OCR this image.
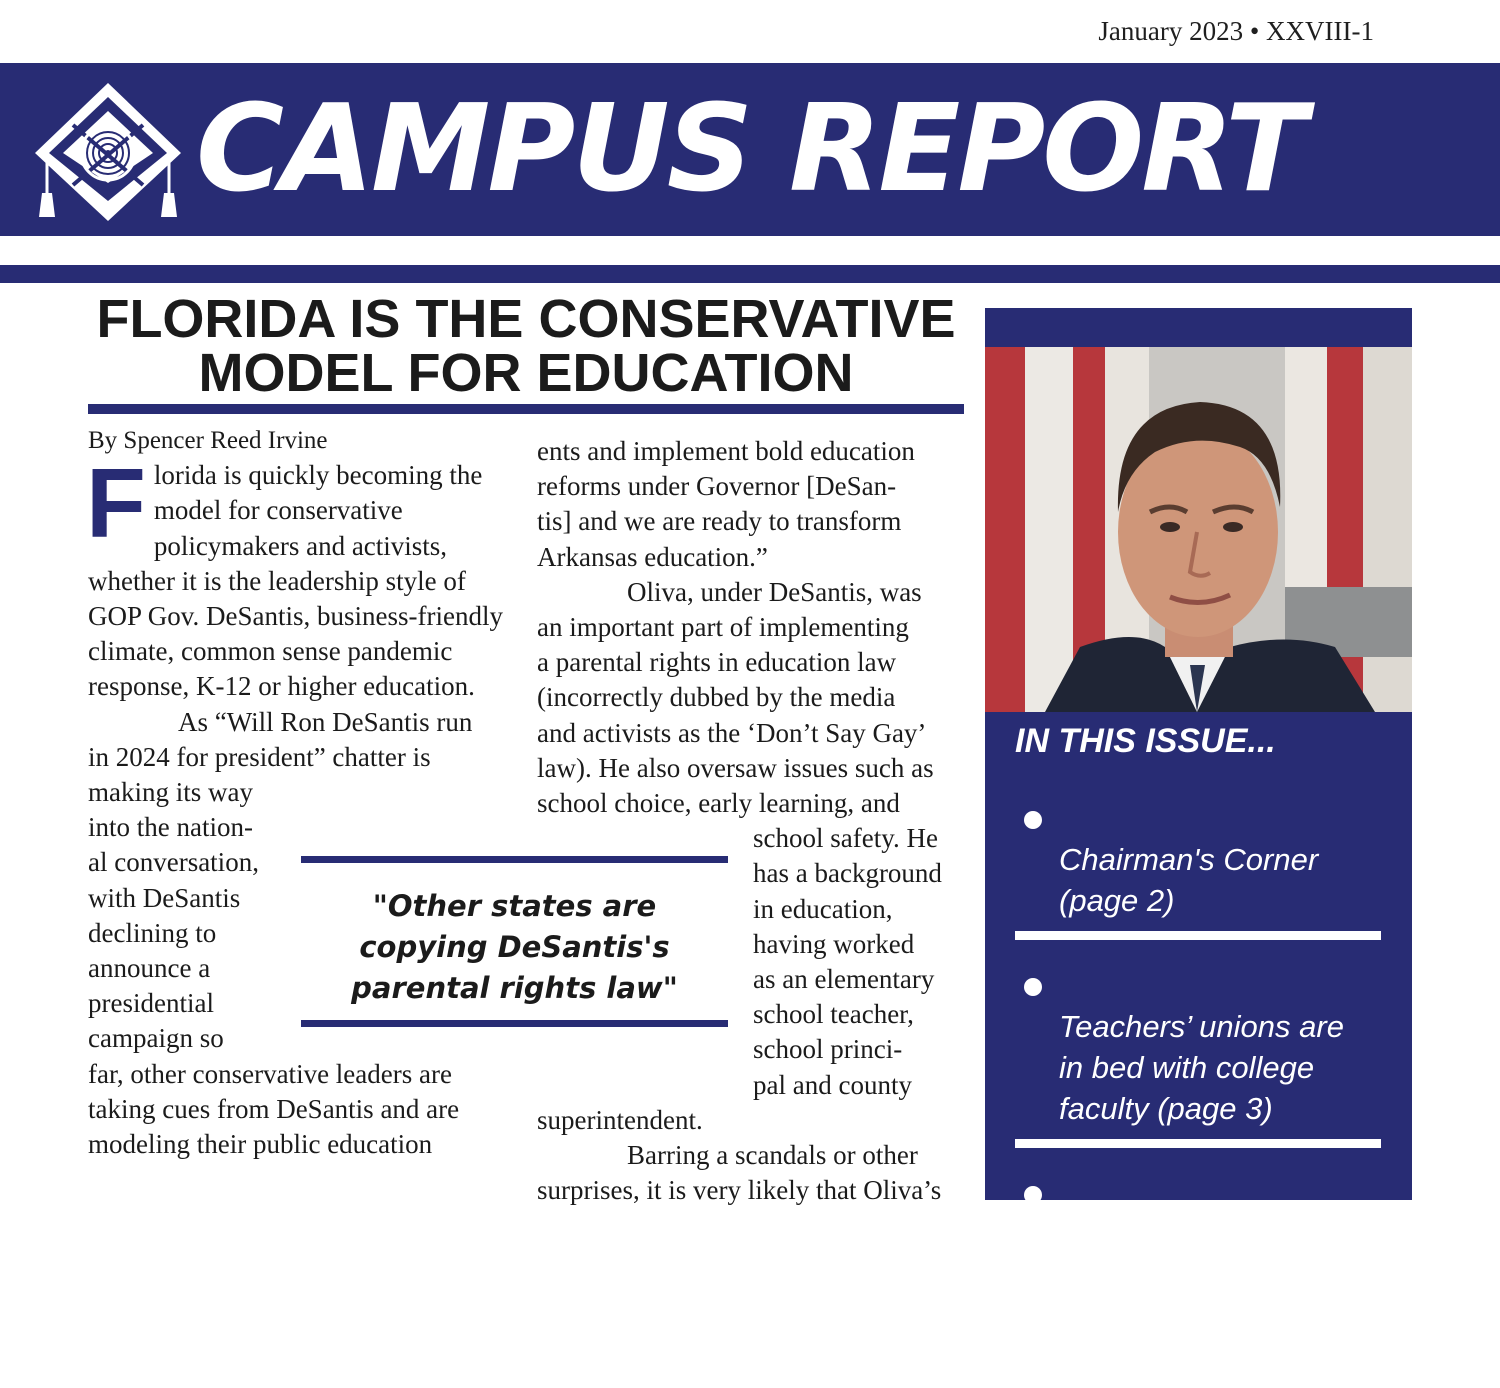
January 2023 • XXVIII-1
CAMPUS REPORT
FLORIDA IS THE CONSERVATIVE MODEL FOR EDUCATION

By Spencer Reed Irvine

Florida is quickly becoming the model for conservative policymakers and activists, whether it is the leadership style of GOP Gov. DeSantis, business-friendly climate, common sense pandemic response, K-12 or higher education.

As “Will Ron DeSantis run
in 2024 for president” chatter is
making its way
into the nation-
al conversation,
with DeSantis
declining to
announce a
presidential
campaign so
far, other conservative leaders are
taking cues from DeSantis and are
modeling their public education
ents and implement bold education
reforms under Governor [DeSan-
tis] and we are ready to transform
Arkansas education.”
Oliva, under DeSantis, was
an important part of implementing
a parental rights in education law
(incorrectly dubbed by the media
and activists as the ‘Don’t Say Gay’
law). He also oversaw issues such as
school choice, early learning, and
school safety. He
has a background
in education,
having worked
as an elementary
school teacher,
school princi-
pal and county
superintendent.
Barring a scandals or other
surprises, it is very likely that Oliva’s
"Other states are
copying DeSantis's
parental rights law"
IN THIS ISSUE...

Chairman's Corner
(page 2)

Teachers’ unions are
in bed with college
faculty (page 3)

Democrats boosted
by teachers’ unions in
2022 midterms (page 4)
